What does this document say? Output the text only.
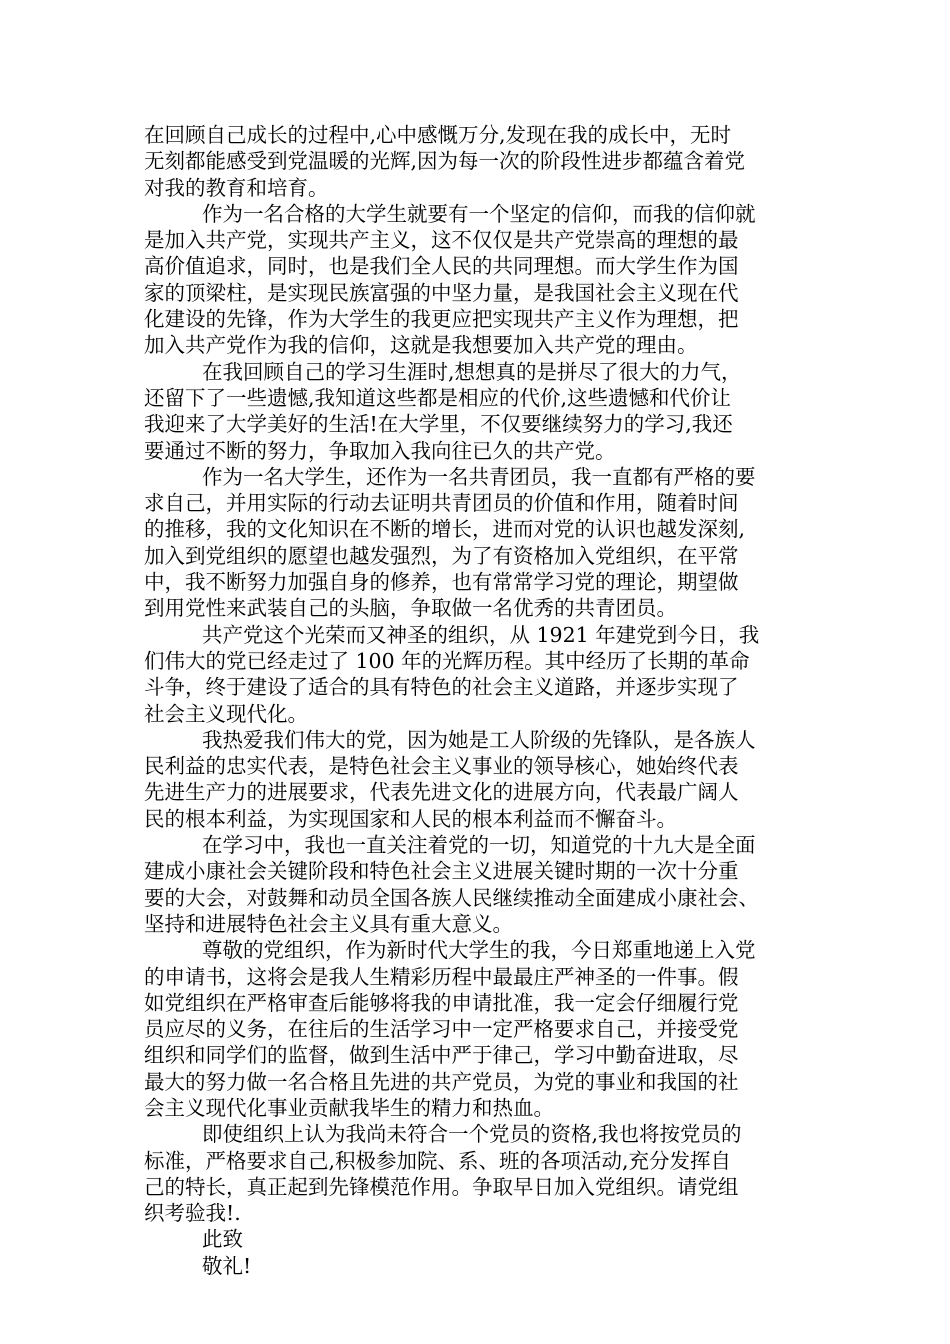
在回顾自己成长的过程中,心中感慨万分,发现在我的成长中，无时
无刻都能感受到党温暖的光辉,因为每一次的阶段性进步都蕴含着党
对我的教育和培育。
作为一名合格的大学生就要有一个坚定的信仰，而我的信仰就
是加入共产党，实现共产主义，这不仅仅是共产党崇高的理想的最
高价值追求，同时，也是我们全人民的共同理想。而大学生作为国
家的顶梁柱，是实现民族富强的中坚力量，是我国社会主义现在代
化建设的先锋，作为大学生的我更应把实现共产主义作为理想，把
加入共产党作为我的信仰，这就是我想要加入共产党的理由。
在我回顾自己的学习生涯时,想想真的是拼尽了很大的力气，
还留下了一些遗憾,我知道这些都是相应的代价,这些遗憾和代价让
我迎来了大学美好的生活!在大学里，不仅要继续努力的学习,我还
要通过不断的努力，争取加入我向往已久的共产党。
作为一名大学生，还作为一名共青团员，我一直都有严格的要
求自己，并用实际的行动去证明共青团员的价值和作用，随着时间
的推移，我的文化知识在不断的增长，进而对党的认识也越发深刻,
加入到党组织的愿望也越发强烈，为了有资格加入党组织，在平常
中，我不断努力加强自身的修养，也有常常学习党的理论，期望做
到用党性来武装自己的头脑，争取做一名优秀的共青团员。
共产党这个光荣而又神圣的组织，从 1921 年建党到今日，我
们伟大的党已经走过了 100 年的光辉历程。其中经历了长期的革命
斗争，终于建设了适合的具有特色的社会主义道路，并逐步实现了
社会主义现代化。
我热爱我们伟大的党，因为她是工人阶级的先锋队，是各族人
民利益的忠实代表，是特色社会主义事业的领导核心，她始终代表
先进生产力的进展要求，代表先进文化的进展方向，代表最广阔人
民的根本利益，为实现国家和人民的根本利益而不懈奋斗。
在学习中，我也一直关注着党的一切，知道党的十九大是全面
建成小康社会关键阶段和特色社会主义进展关键时期的一次十分重
要的大会，对鼓舞和动员全国各族人民继续推动全面建成小康社会、
坚持和进展特色社会主义具有重大意义。
尊敬的党组织，作为新时代大学生的我，今日郑重地递上入党
的申请书，这将会是我人生精彩历程中最最庄严神圣的一件事。假
如党组织在严格审查后能够将我的申请批准，我一定会仔细履行党
员应尽的义务，在往后的生活学习中一定严格要求自己，并接受党
组织和同学们的监督，做到生活中严于律己，学习中勤奋进取，尽
最大的努力做一名合格且先进的共产党员，为党的事业和我国的社
会主义现代化事业贡献我毕生的精力和热血。
即使组织上认为我尚未符合一个党员的资格,我也将按党员的
标准，严格要求自己,积极参加院、系、班的各项活动,充分发挥自
己的特长，真正起到先锋模范作用。争取早日加入党组织。请党组
织考验我!.
此致
敬礼!
